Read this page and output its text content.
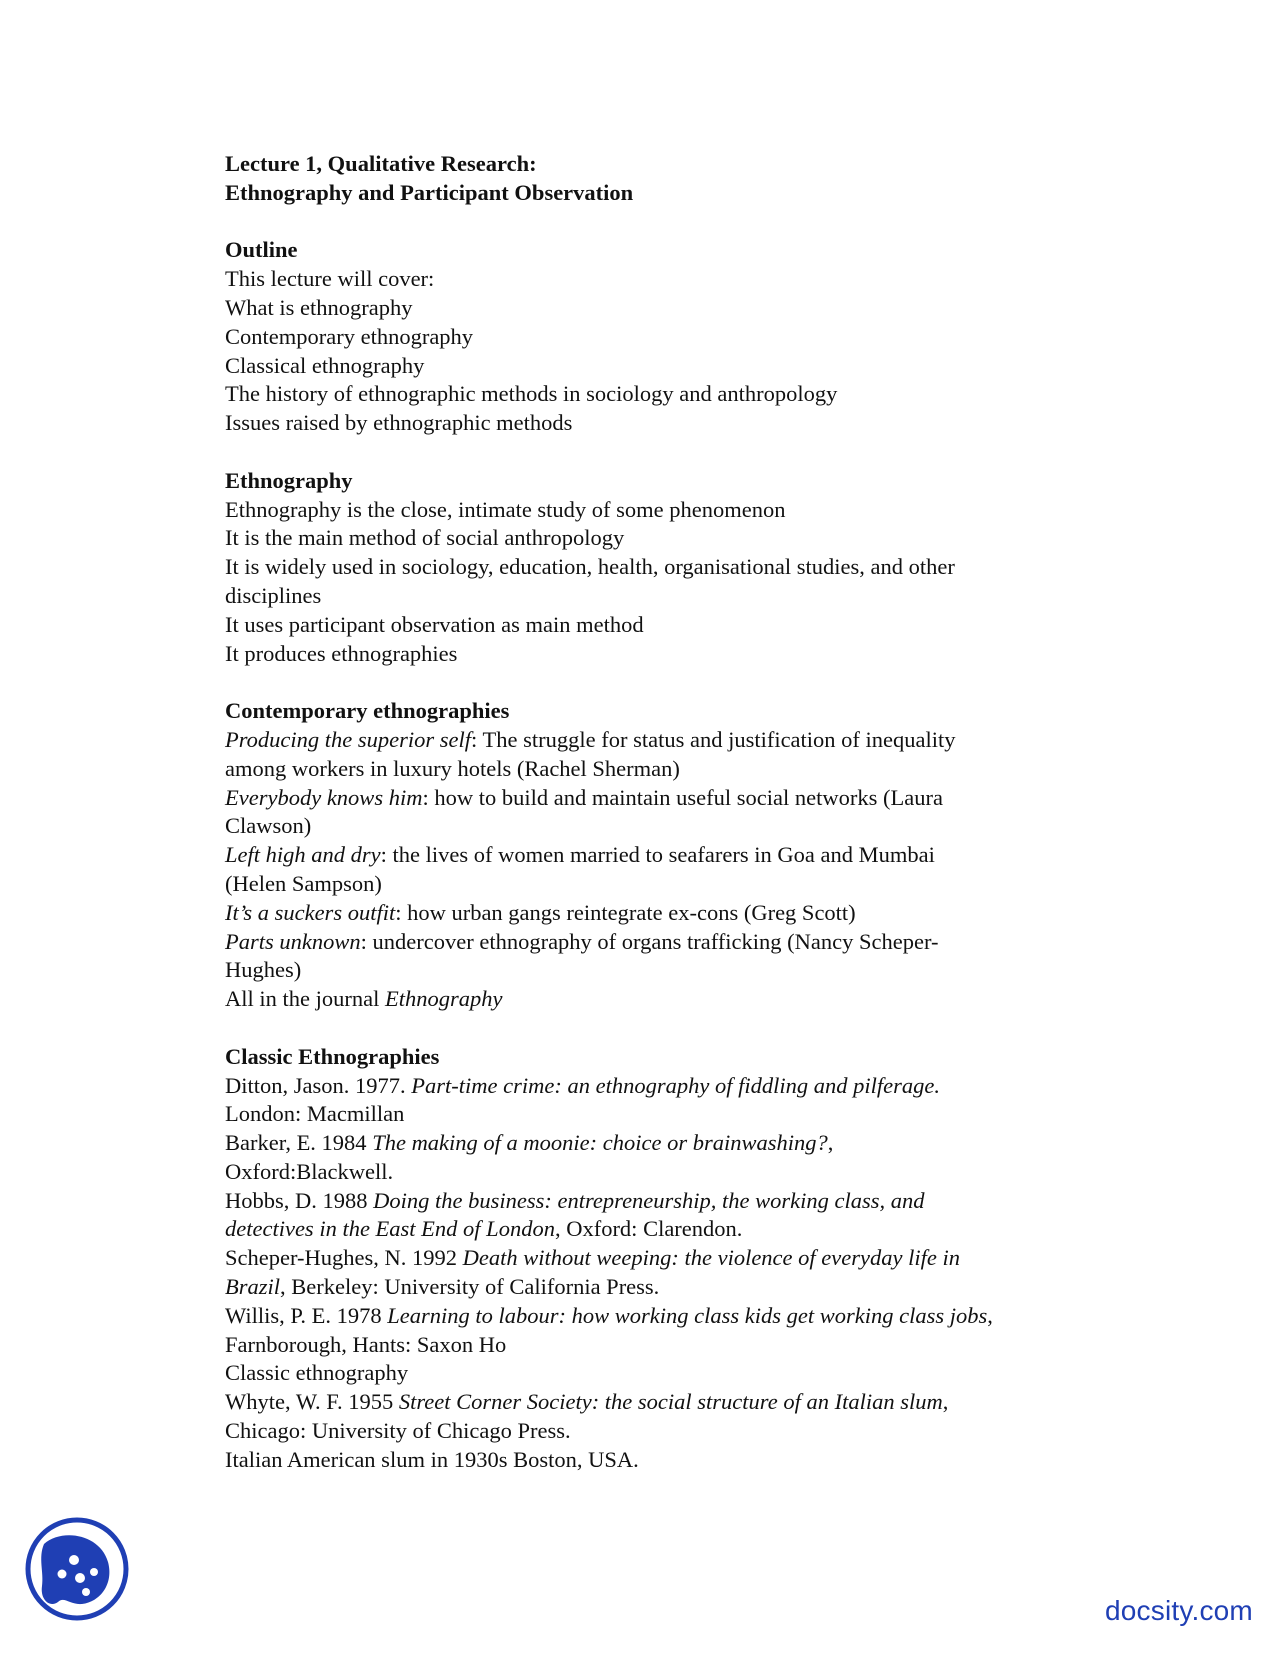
Lecture 1, Qualitative Research:
Ethnography and Participant Observation
Outline
This lecture will cover:
What is ethnography
Contemporary ethnography
Classical ethnography
The history of ethnographic methods in sociology and anthropology
Issues raised by ethnographic methods
Ethnography
Ethnography is the close, intimate study of some phenomenon
It is the main method of social anthropology
It is widely used in sociology, education, health, organisational studies, and other
disciplines
It uses participant observation as main method
It produces ethnographies
Contemporary ethnographies
Producing the superior self: The struggle for status and justification of inequality
among workers in luxury hotels (Rachel Sherman)
Everybody knows him: how to build and maintain useful social networks (Laura
Clawson)
Left high and dry: the lives of women married to seafarers in Goa and Mumbai
(Helen Sampson)
It’s a suckers outfit: how urban gangs reintegrate ex-cons (Greg Scott)
Parts unknown: undercover ethnography of organs trafficking (Nancy Scheper-
Hughes)
All in the journal Ethnography
Classic Ethnographies
Ditton, Jason. 1977. Part-time crime: an ethnography of fiddling and pilferage.
London: Macmillan
Barker, E. 1984 The making of a moonie: choice or brainwashing?,
Oxford:Blackwell.
Hobbs, D. 1988 Doing the business: entrepreneurship, the working class, and
detectives in the East End of London, Oxford: Clarendon.
Scheper-Hughes, N. 1992 Death without weeping: the violence of everyday life in
Brazil, Berkeley: University of California Press.
Willis, P. E. 1978 Learning to labour: how working class kids get working class jobs,
Farnborough, Hants: Saxon Ho
Classic ethnography
Whyte, W. F. 1955 Street Corner Society: the social structure of an Italian slum,
Chicago: University of Chicago Press.
Italian American slum in 1930s Boston, USA.
docsity.com
